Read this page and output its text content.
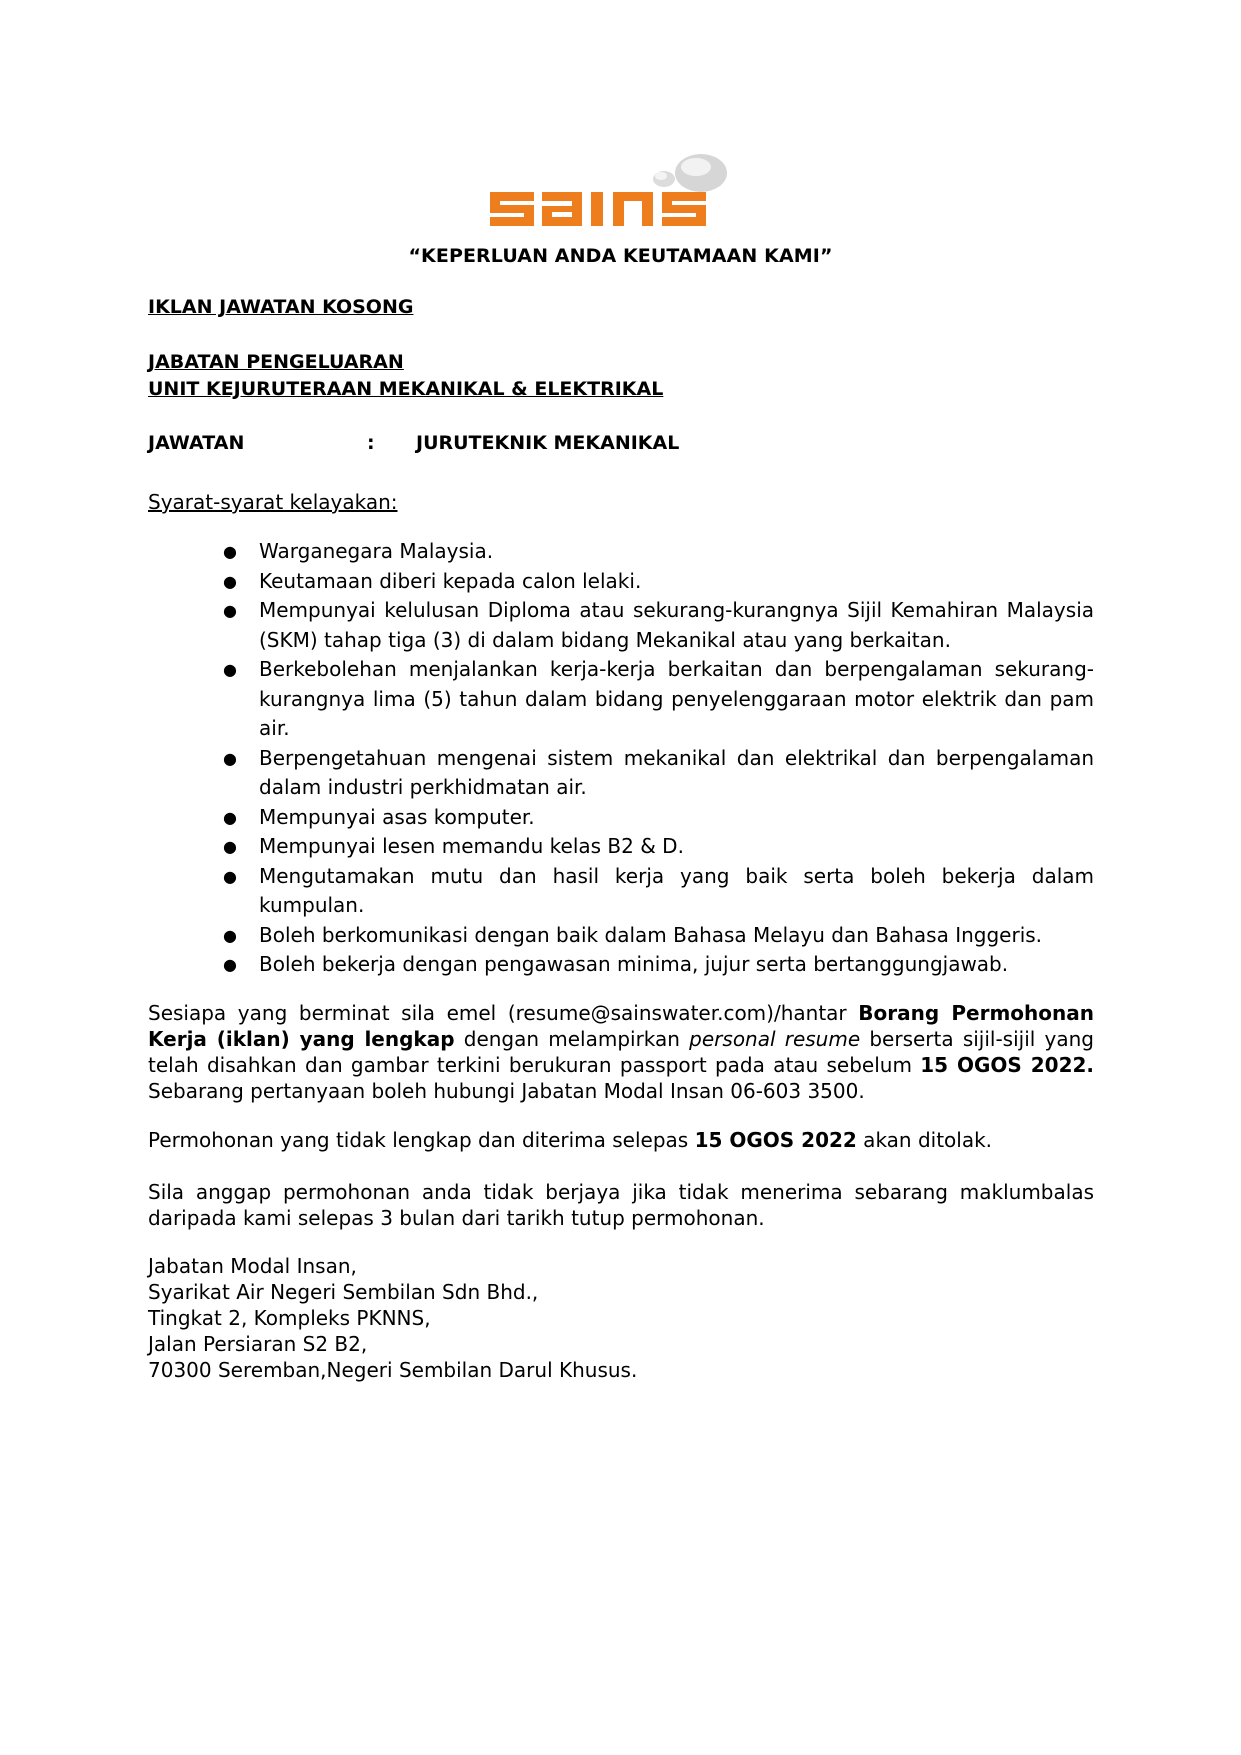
“KEPERLUAN ANDA KEUTAMAAN KAMI”
IKLAN JAWATAN KOSONG
JABATAN PENGELUARAN
UNIT KEJURUTERAAN MEKANIKAL & ELEKTRIKAL
JAWATAN	: JURUTEKNIK MEKANIKAL
Syarat-syarat kelayakan:
● Warganegara Malaysia.
● Keutamaan diberi kepada calon lelaki.
● Mempunyai kelulusan Diploma atau sekurang-kurangnya Sijil Kemahiran Malaysia (SKM) tahap tiga (3) di dalam bidang Mekanikal atau yang berkaitan.
● Berkebolehan menjalankan kerja-kerja berkaitan dan berpengalaman sekurang-kurangnya lima (5) tahun dalam bidang penyelenggaraan motor elektrik dan pam air.
● Berpengetahuan mengenai sistem mekanikal dan elektrikal dan berpengalaman dalam industri perkhidmatan air.
● Mempunyai asas komputer.
● Mempunyai lesen memandu kelas B2 & D.
● Mengutamakan mutu dan hasil kerja yang baik serta boleh bekerja dalam kumpulan.
● Boleh berkomunikasi dengan baik dalam Bahasa Melayu dan Bahasa Inggeris.
● Boleh bekerja dengan pengawasan minima, jujur serta bertanggungjawab.

Sesiapa yang berminat sila emel (resume@sainswater.com)/hantar Borang Permohonan Kerja (iklan) yang lengkap dengan melampirkan personal resume berserta sijil-sijil yang telah disahkan dan gambar terkini berukuran passport pada atau sebelum 15 OGOS 2022. Sebarang pertanyaan boleh hubungi Jabatan Modal Insan 06-603 3500.

Permohonan yang tidak lengkap dan diterima selepas 15 OGOS 2022 akan ditolak.

Sila anggap permohonan anda tidak berjaya jika tidak menerima sebarang maklumbalas daripada kami selepas 3 bulan dari tarikh tutup permohonan.

Jabatan Modal Insan,
Syarikat Air Negeri Sembilan Sdn Bhd.,
Tingkat 2, Kompleks PKNNS,
Jalan Persiaran S2 B2,
70300 Seremban,Negeri Sembilan Darul Khusus.
